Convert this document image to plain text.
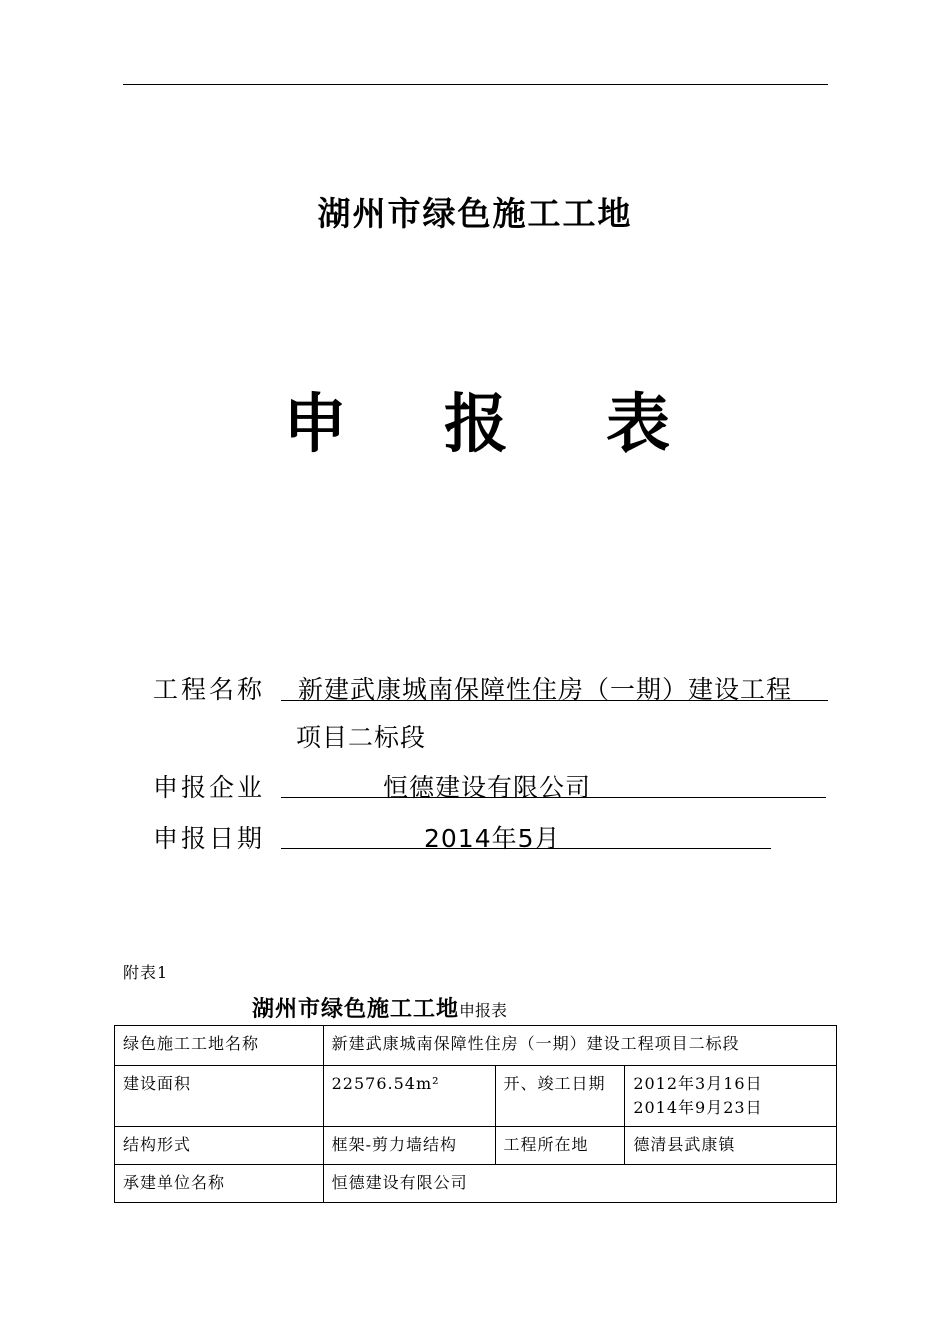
湖州市绿色施工工地
申 报 表
工程名称 新建武康城南保障性住房（一期）建设工程
项目二标段
申报企业	恒德建设有限公司
申报日期	2014年5月
附表1
湖州市绿色施工工地申报表
绿色施工工地名称	新建武康城南保障性住房（一期）建设工程项目二标段		
建设面积	22576.54m²	开、竣工日期	2012年3月16日
2014年9月23日

结构形式	框架-剪力墙结构	工程所在地	德清县武康镇
承建单位名称	恒德建设有限公司		
